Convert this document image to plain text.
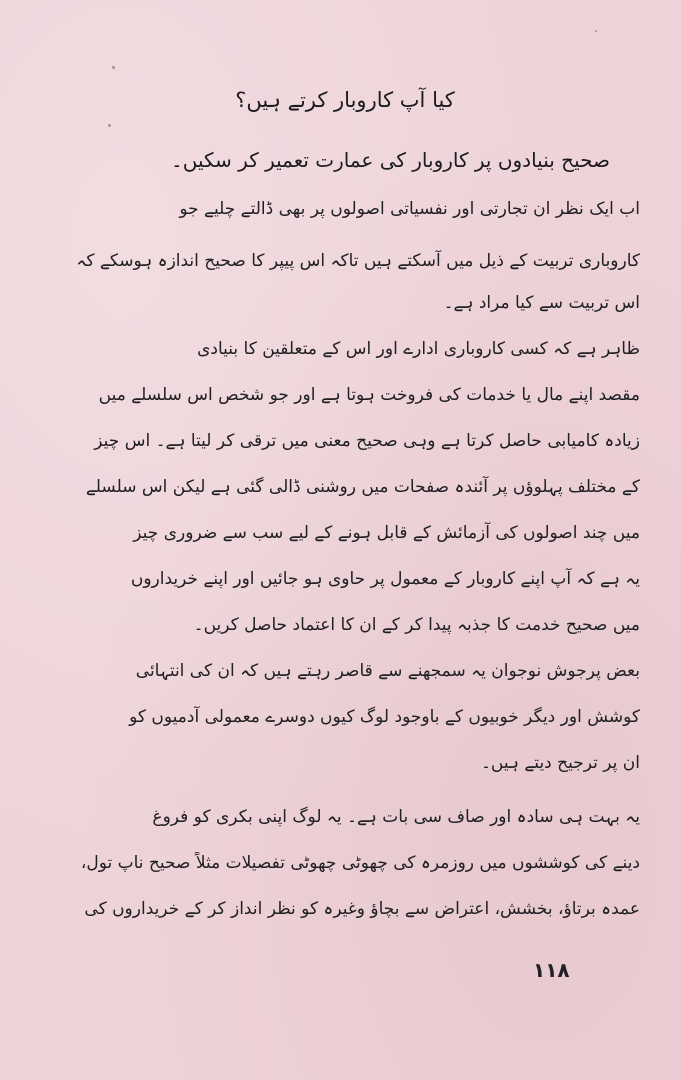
کیا آپ کاروبار کرتے ہیں؟
صحیح بنیادوں پر کاروبار کی عمارت تعمیر کر سکیں۔
اب ایک نظر ان تجارتی اور نفسیاتی اصولوں پر بھی ڈالتے چلیے جو
کاروباری تربیت کے ذیل میں آسکتے ہیں تاکہ اس پیپر کا صحیح اندازہ ہوسکے کہ
اس تربیت سے کیا مراد ہے۔
ظاہر ہے کہ کسی کاروباری ادارے اور اس کے متعلقین کا بنیادی
مقصد اپنے مال یا خدمات کی فروخت ہوتا ہے اور جو شخص اس سلسلے میں
زیادہ کامیابی حاصل کرتا ہے وہی صحیح معنی میں ترقی کر لیتا ہے۔ اس چیز
کے مختلف پہلوؤں پر آئندہ صفحات میں روشنی ڈالی گئی ہے لیکن اس سلسلے
میں چند اصولوں کی آزمائش کے قابل ہونے کے لیے سب سے ضروری چیز
یہ ہے کہ آپ اپنے کاروبار کے معمول پر حاوی ہو جائیں اور اپنے خریداروں
میں صحیح خدمت کا جذبہ پیدا کر کے ان کا اعتماد حاصل کریں۔
بعض پرجوش نوجوان یہ سمجھنے سے قاصر رہتے ہیں کہ ان کی انتہائی
کوشش اور دیگر خوبیوں کے باوجود لوگ کیوں دوسرے معمولی آدمیوں کو
ان پر ترجیح دیتے ہیں۔
یہ بہت ہی سادہ اور صاف سی بات ہے۔ یہ لوگ اپنی بکری کو فروغ
دینے کی کوششوں میں روزمرہ کی چھوٹی چھوٹی تفصیلات مثلاً صحیح ناپ تول،
عمدہ برتاؤ، بخشش، اعتراض سے بچاؤ وغیرہ کو نظر انداز کر کے خریداروں کی
۱۱۸
